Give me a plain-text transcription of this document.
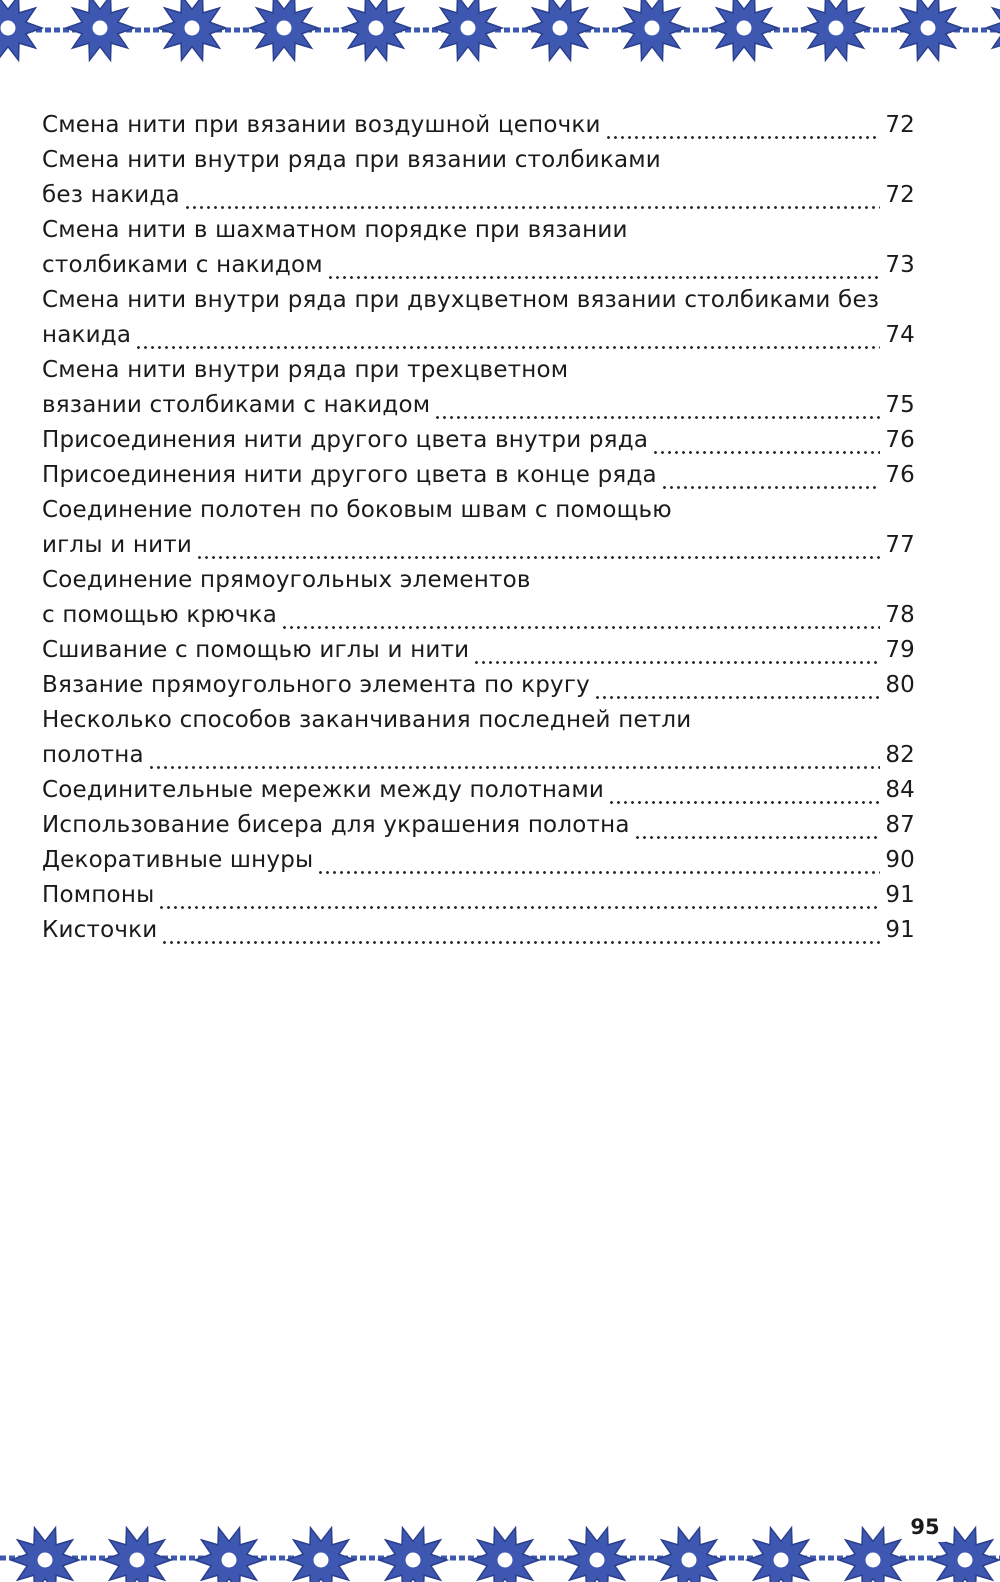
Смена нити при вязании воздушной цепочки	72
Смена нити внутри ряда при вязании столбиками
без накида	72
Смена нити в шахматном порядке при вязании
столбиками с накидом	73
Смена нити внутри ряда при двухцветном вязании столбиками без
накида	74
Смена нити внутри ряда при трехцветном
вязании столбиками с накидом	75
Присоединения нити другого цвета внутри ряда	76
Присоединения нити другого цвета в конце ряда	76
Соединение полотен по боковым швам с помощью
иглы и нити	77
Соединение прямоугольных элементов
с помощью крючка	78
Сшивание с помощью иглы и нити	79
Вязание прямоугольного элемента по кругу	80
Несколько способов заканчивания последней петли
полотна	82
Соединительные мережки между полотнами	84
Использование бисера для украшения полотна	87
Декоративные шнуры	90
Помпоны	91
Кисточки	91
95
